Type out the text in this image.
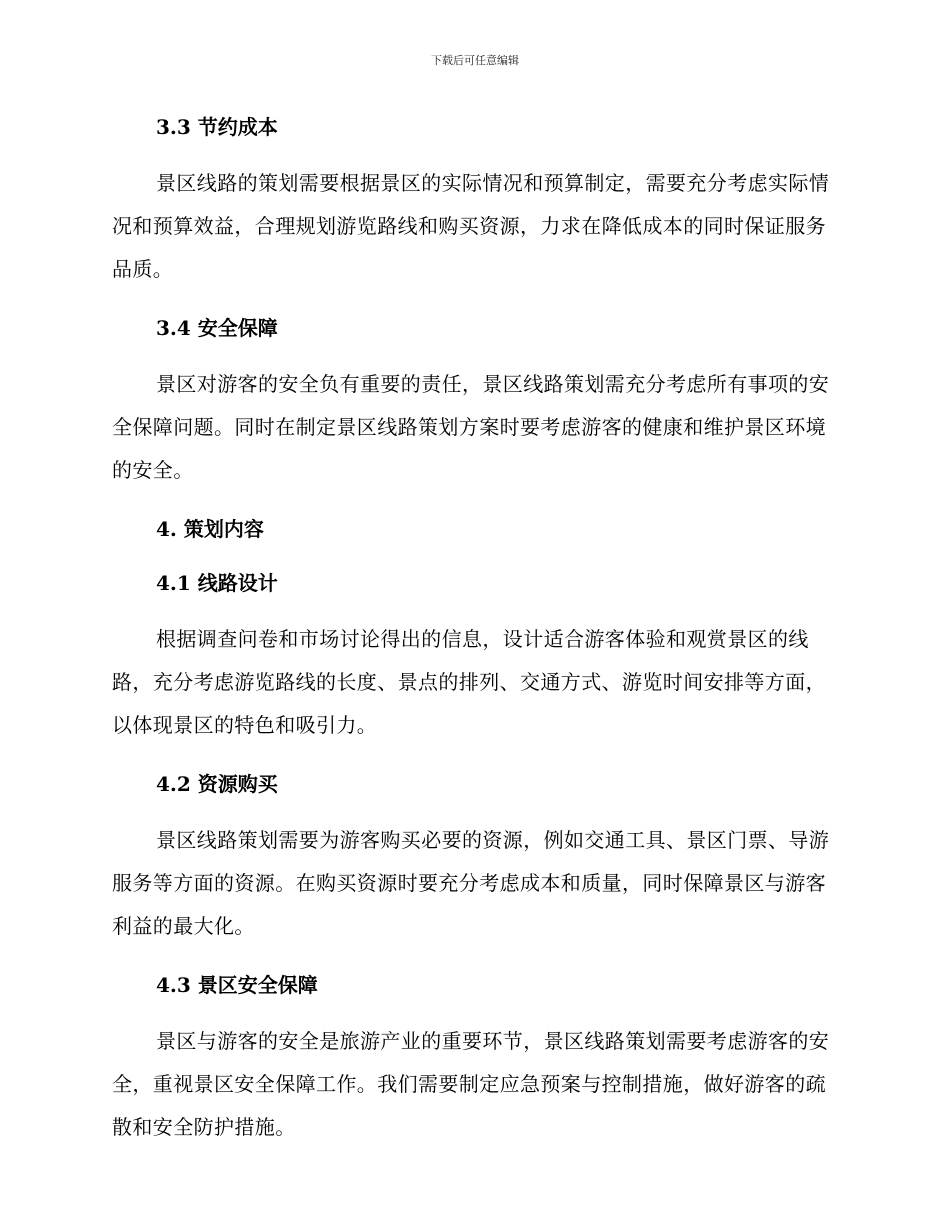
下载后可任意编辑
3.3 节约成本

景区线路的策划需要根据景区的实际情况和预算制定，需要充分考虑实际情况和预算效益，合理规划游览路线和购买资源，力求在降低成本的同时保证服务品质。

3.4 安全保障

景区对游客的安全负有重要的责任，景区线路策划需充分考虑所有事项的安全保障问题。同时在制定景区线路策划方案时要考虑游客的健康和维护景区环境的安全。

4. 策划内容
4.1 线路设计

根据调查问卷和市场讨论得出的信息，设计适合游客体验和观赏景区的线路，充分考虑游览路线的长度、景点的排列、交通方式、游览时间安排等方面，以体现景区的特色和吸引力。

4.2 资源购买

景区线路策划需要为游客购买必要的资源，例如交通工具、景区门票、导游服务等方面的资源。在购买资源时要充分考虑成本和质量，同时保障景区与游客利益的最大化。

4.3 景区安全保障

景区与游客的安全是旅游产业的重要环节，景区线路策划需要考虑游客的安全，重视景区安全保障工作。我们需要制定应急预案与控制措施，做好游客的疏散和安全防护措施。
